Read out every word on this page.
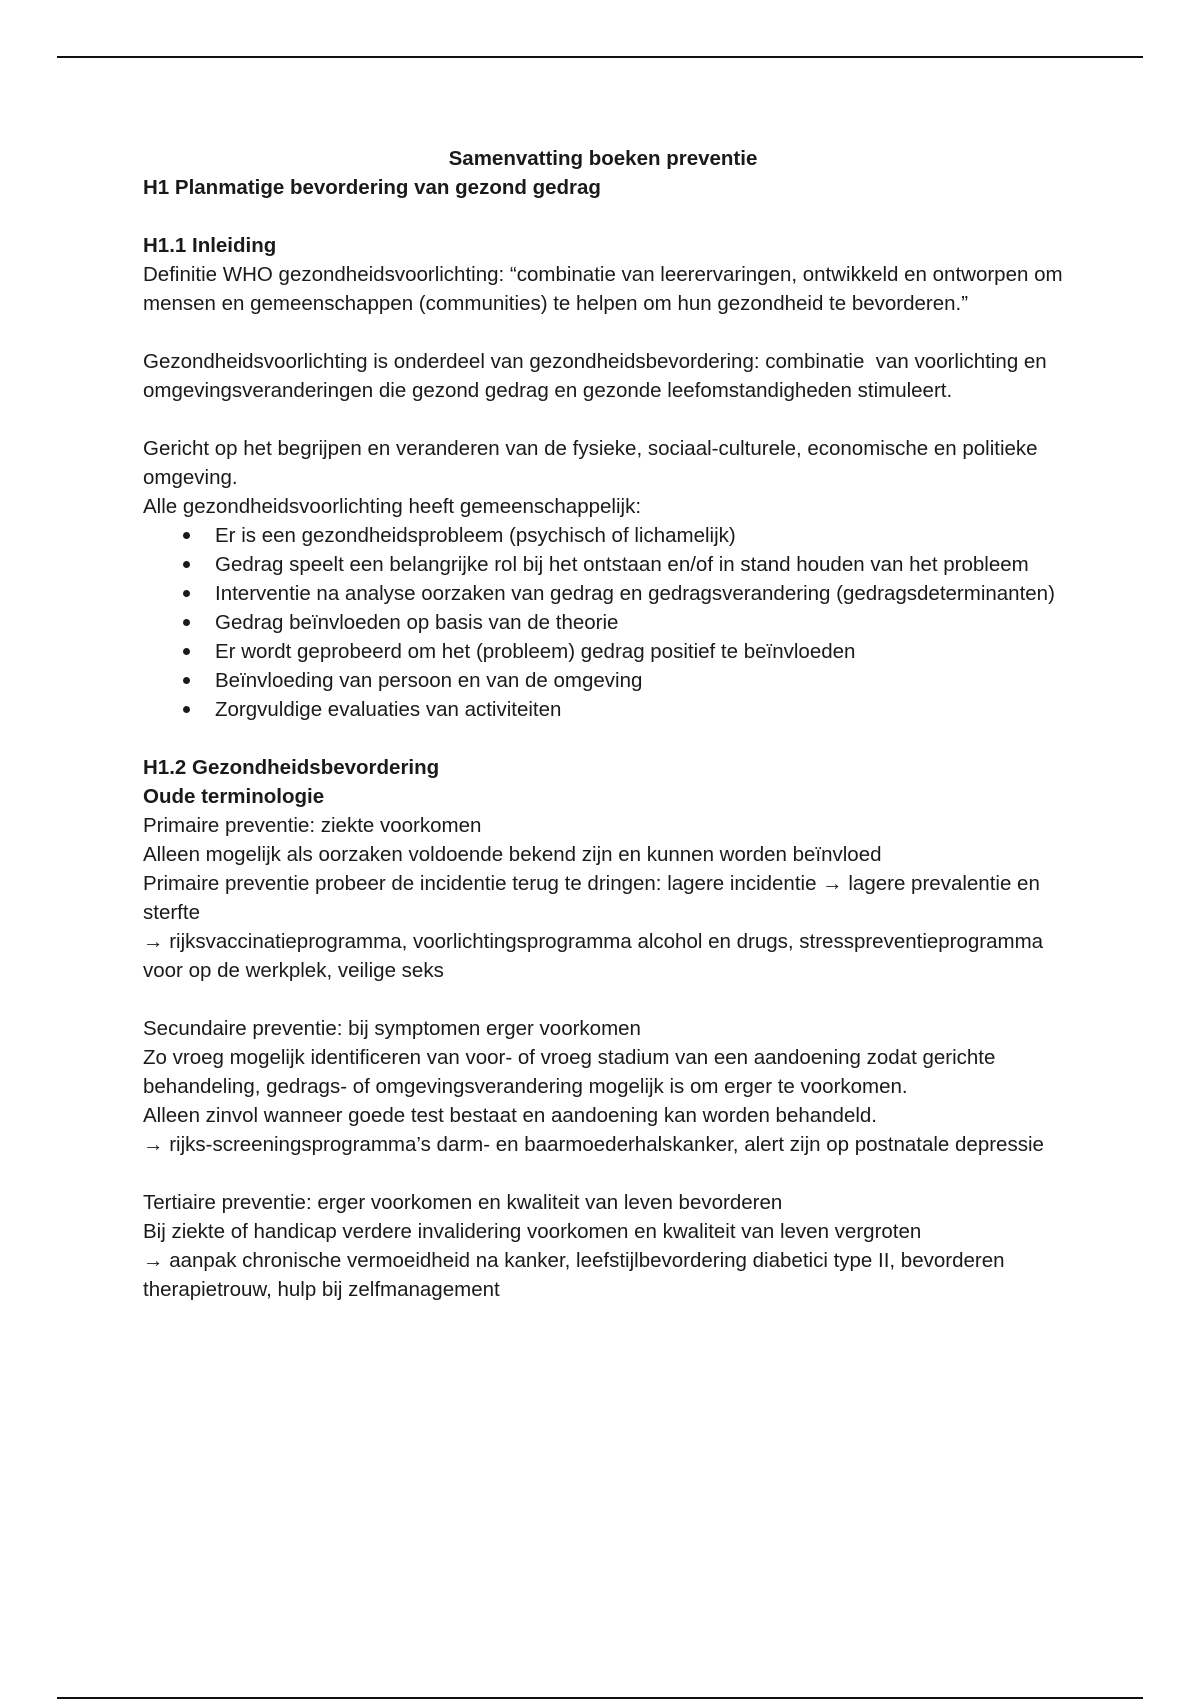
Samenvatting boeken preventie
H1 Planmatige bevordering van gezond gedrag
H1.1 Inleiding
Definitie WHO gezondheidsvoorlichting: “combinatie van leerervaringen, ontwikkeld en ontworpen om mensen en gemeenschappen (communities) te helpen om hun gezondheid te bevorderen.”
Gezondheidsvoorlichting is onderdeel van gezondheidsbevordering: combinatie  van voorlichting en omgevingsveranderingen die gezond gedrag en gezonde leefomstandigheden stimuleert.
Gericht op het begrijpen en veranderen van de fysieke, sociaal-culturele, economische en politieke omgeving.
Alle gezondheidsvoorlichting heeft gemeenschappelijk:
Er is een gezondheidsprobleem (psychisch of lichamelijk)
Gedrag speelt een belangrijke rol bij het ontstaan en/of in stand houden van het probleem
Interventie na analyse oorzaken van gedrag en gedragsverandering (gedragsdeterminanten)
Gedrag beïnvloeden op basis van de theorie
Er wordt geprobeerd om het (probleem) gedrag positief te beïnvloeden
Beïnvloeding van persoon en van de omgeving
Zorgvuldige evaluaties van activiteiten
H1.2 Gezondheidsbevordering
Oude terminologie
Primaire preventie: ziekte voorkomen
Alleen mogelijk als oorzaken voldoende bekend zijn en kunnen worden beïnvloed
Primaire preventie probeer de incidentie terug te dringen: lagere incidentie → lagere prevalentie en sterfte
→ rijksvaccinatieprogramma, voorlichtingsprogramma alcohol en drugs, stresspreventieprogramma voor op de werkplek, veilige seks
Secundaire preventie: bij symptomen erger voorkomen
Zo vroeg mogelijk identificeren van voor- of vroeg stadium van een aandoening zodat gerichte behandeling, gedrags- of omgevingsverandering mogelijk is om erger te voorkomen.
Alleen zinvol wanneer goede test bestaat en aandoening kan worden behandeld.
→ rijks-screeningsprogramma’s darm- en baarmoederhalskanker, alert zijn op postnatale depressie
Tertiaire preventie: erger voorkomen en kwaliteit van leven bevorderen
Bij ziekte of handicap verdere invalidering voorkomen en kwaliteit van leven vergroten
→ aanpak chronische vermoeidheid na kanker, leefstijlbevordering diabetici type II, bevorderen therapietrouw, hulp bij zelfmanagement
